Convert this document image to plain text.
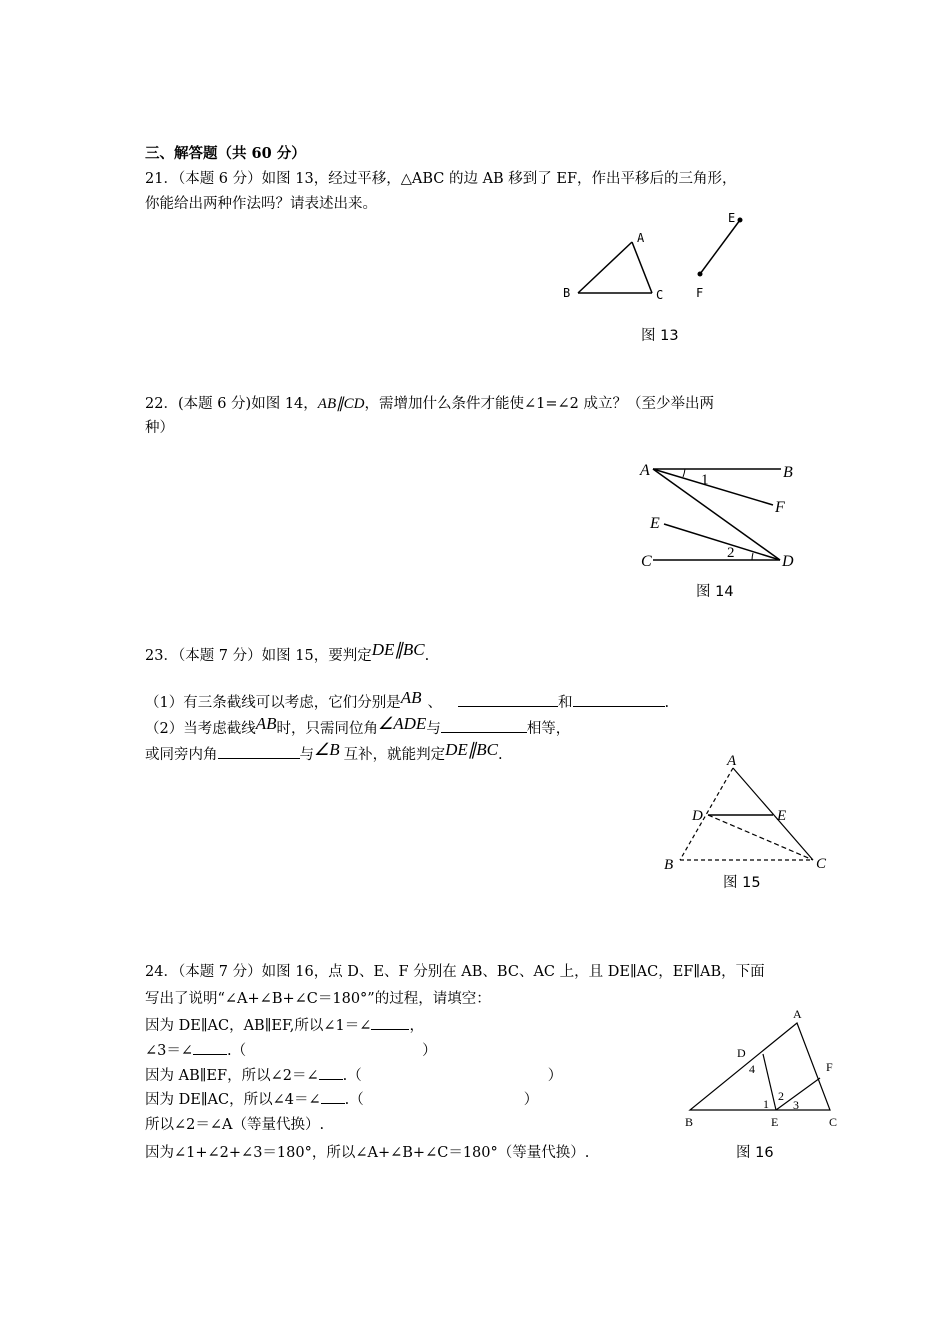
三、解答题（共 60 分）
21．（本题 6 分）如图 13，经过平移，△ABC 的边 AB 移到了 EF，作出平移后的三角形，
你能给出两种作法吗？请表述出来。
A
B	C
E
F
图 13
22．(本题 6 分)如图 14，AB∥CD，需增加什么条件才能使∠1=∠2 成立？（至少举出两
种）
A	B
F
E
C	D
1
2
图 14
23．（本题 7 分）如图 15，要判定DE∥BC.
（1）有三条截线可以考虑，它们分别是AB 、	和	.
（2）当考虑截线AB时，只需同位角∠ADE与	相等，
或同旁内角	与∠B 互补，就能判定DE∥BC.	A
D	E
B	C
图 15
24．（本题 7 分）如图 16，点 D、E、F 分别在 AB、BC、AC 上，且 DE∥AC，EF∥AB，下面
写出了说明“∠A+∠B+∠C＝180°”的过程，请填空：
因为 DE∥AC，AB∥EF,所以∠1＝∠	，
∠3＝∠ .（	）
因为 AB∥EF，所以∠2＝∠ .（	）
因为 DE∥AC，所以∠4＝∠ .（	）
所以∠2＝∠A（等量代换）.
因为∠1+∠2+∠3＝180°，所以∠A+∠B+∠C＝180°（等量代换）.
A
D
F
B	E	C
4
1
2
3
图 16
